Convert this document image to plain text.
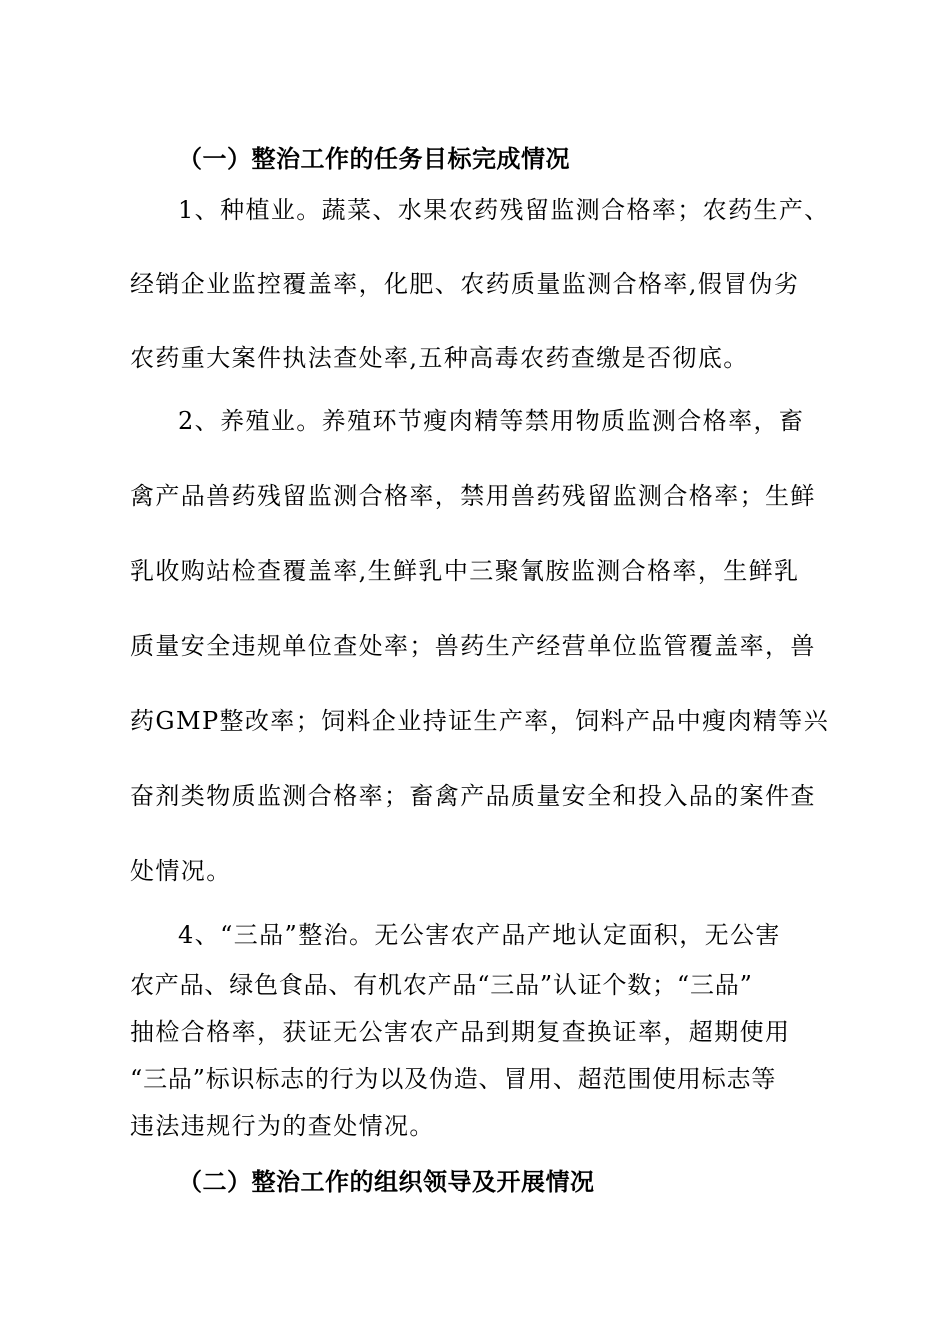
（一）整治工作的任务目标完成情况
1、种植业。蔬菜、水果农药残留监测合格率；农药生产、
经销企业监控覆盖率，化肥、农药质量监测合格率,假冒伪劣
农药重大案件执法查处率,五种高毒农药查缴是否彻底。
2、养殖业。养殖环节瘦肉精等禁用物质监测合格率，畜
禽产品兽药残留监测合格率，禁用兽药残留监测合格率；生鲜
乳收购站检查覆盖率,生鲜乳中三聚氰胺监测合格率，生鲜乳
质量安全违规单位查处率；兽药生产经营单位监管覆盖率，兽
药GMP整改率；饲料企业持证生产率，饲料产品中瘦肉精等兴
奋剂类物质监测合格率；畜禽产品质量安全和投入品的案件查
处情况。
4、“三品”整治。无公害农产品产地认定面积，无公害
农产品、绿色食品、有机农产品“三品”认证个数；“三品”
抽检合格率，获证无公害农产品到期复查换证率，超期使用
“三品”标识标志的行为以及伪造、冒用、超范围使用标志等
违法违规行为的查处情况。
（二）整治工作的组织领导及开展情况
